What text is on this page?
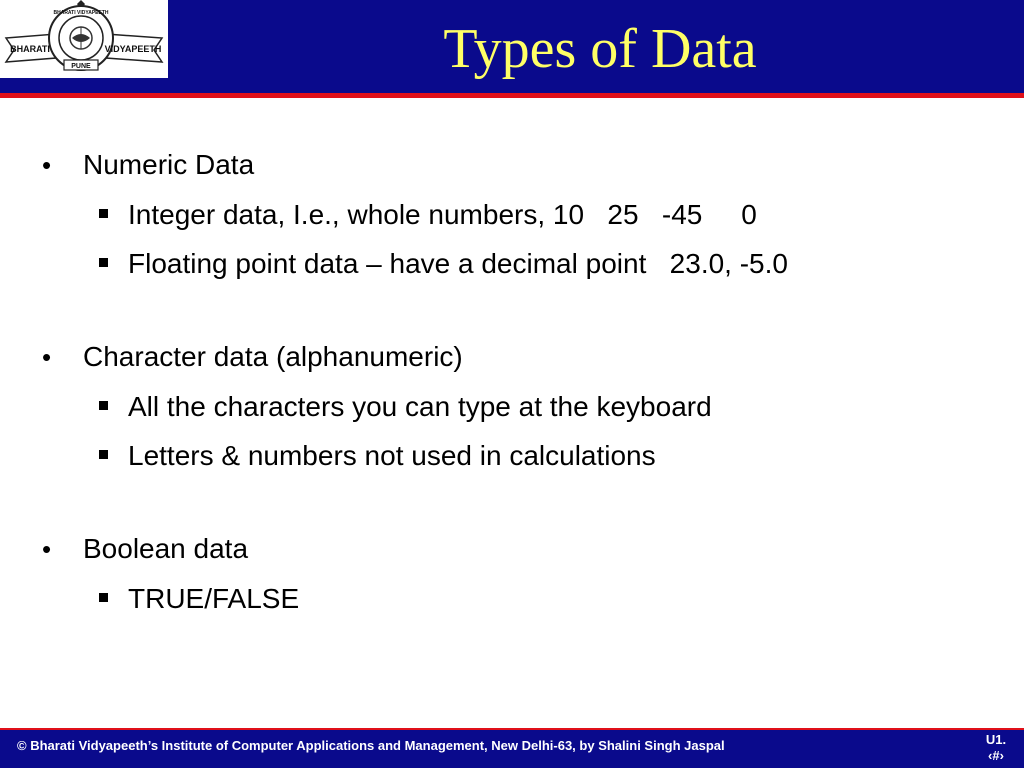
BHARATI	VIDYAPEETH
BHARATI VIDYAPEETH
PUNE	Types of Data
• Numeric Data
Integer data, I.e., whole numbers, 10   25   -45     0
Floating point data – have a decimal point   23.0, -5.0
• Character data (alphanumeric)
All the characters you can type at the keyboard
Letters & numbers not used in calculations
• Boolean data
TRUE/FALSE
© Bharati Vidyapeeth’s Institute of Computer Applications and Management, New Delhi-63, by Shalini Singh Jaspal	U1.
‹#›
